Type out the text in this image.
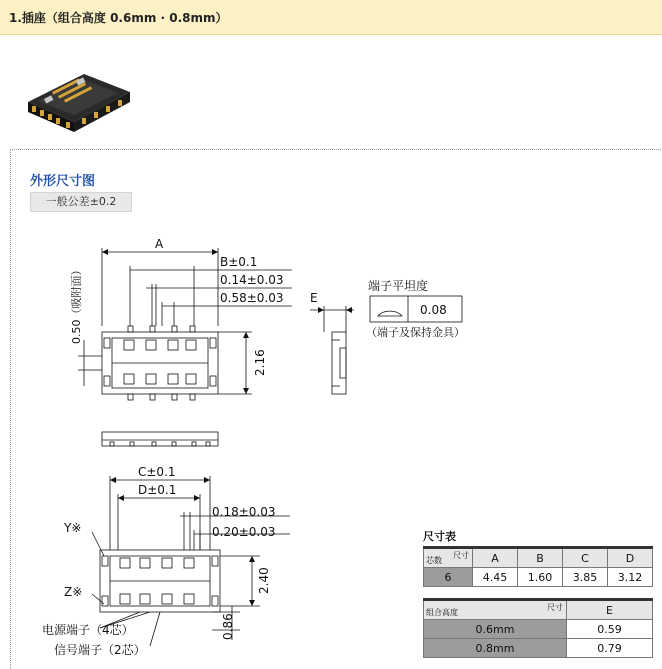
1.插座（组合高度 0.6mm · 0.8mm）
外形尺寸图
一般公差±0.2
A
B±0.1
0.14±0.03
0.58±0.03
0.50（吸附面）
2.16
E
端子平坦度
0.08
（端子及保持金具）
C±0.1
D±0.1
0.18±0.03
0.20±0.03
2.40
0.86
Y※
Z※
电源端子（4芯）
信号端子（2芯）
尺寸表
芯数
尺寸	A	B	C	D
6	4.45	1.60	3.85	3.12
组合高度
尺寸	E
0.6mm	0.59
0.8mm	0.79
